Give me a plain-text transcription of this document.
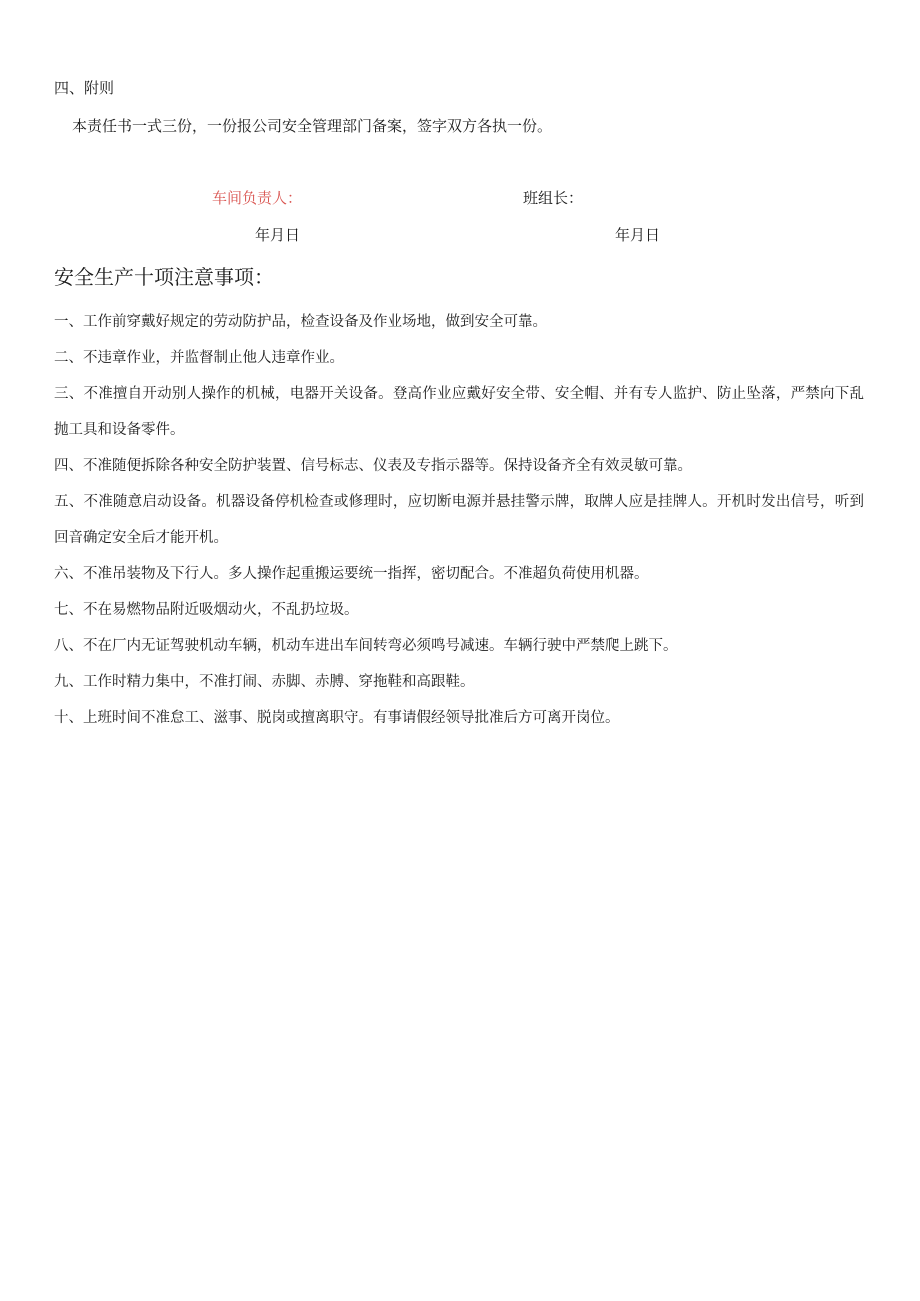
四、附则
本责任书一式三份，一份报公司安全管理部门备案，签字双方各执一份。
车间负责人：	班组长：
年月日	年月日
安全生产十项注意事项：
一、工作前穿戴好规定的劳动防护品，检查设备及作业场地，做到安全可靠。
二、不违章作业，并监督制止他人违章作业。
三、不准擅自开动别人操作的机械，电器开关设备。登高作业应戴好安全带、安全帽、并有专人监护、防止坠落，严禁向下乱抛工具和设备零件。
四、不准随便拆除各种安全防护装置、信号标志、仪表及专指示器等。保持设备齐全有效灵敏可靠。
五、不准随意启动设备。机器设备停机检查或修理时，应切断电源并悬挂警示牌，取牌人应是挂牌人。开机时发出信号，听到回音确定安全后才能开机。
六、不准吊装物及下行人。多人操作起重搬运要统一指挥，密切配合。不准超负荷使用机器。
七、不在易燃物品附近吸烟动火，不乱扔垃圾。
八、不在厂内无证驾驶机动车辆，机动车进出车间转弯必须鸣号减速。车辆行驶中严禁爬上跳下。
九、工作时精力集中，不准打闹、赤脚、赤膊、穿拖鞋和高跟鞋。
十、上班时间不准怠工、滋事、脱岗或擅离职守。有事请假经领导批准后方可离开岗位。
